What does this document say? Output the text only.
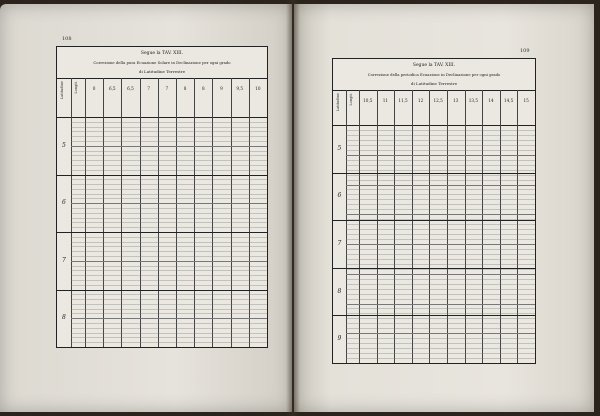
108
Segue la TAV. XIII.
Correzione della pura Ecuazione Solare in Declinazione per ogni grado
di Latitudine Terrestre
Latitudine	Longit.	0	6,5	6,5	7	7	8	8	9	9,5	10
5
6
7
8
109
Segue la TAV. XIII.
Correzione della periodica Ecuazione in Declinazione per ogni grado
di Latitudine Terrestre
Latitudine	Longit.	10,5	11	11,5	12	12,5	13	13,5	14	14,5	15
5
6
7
8
9
